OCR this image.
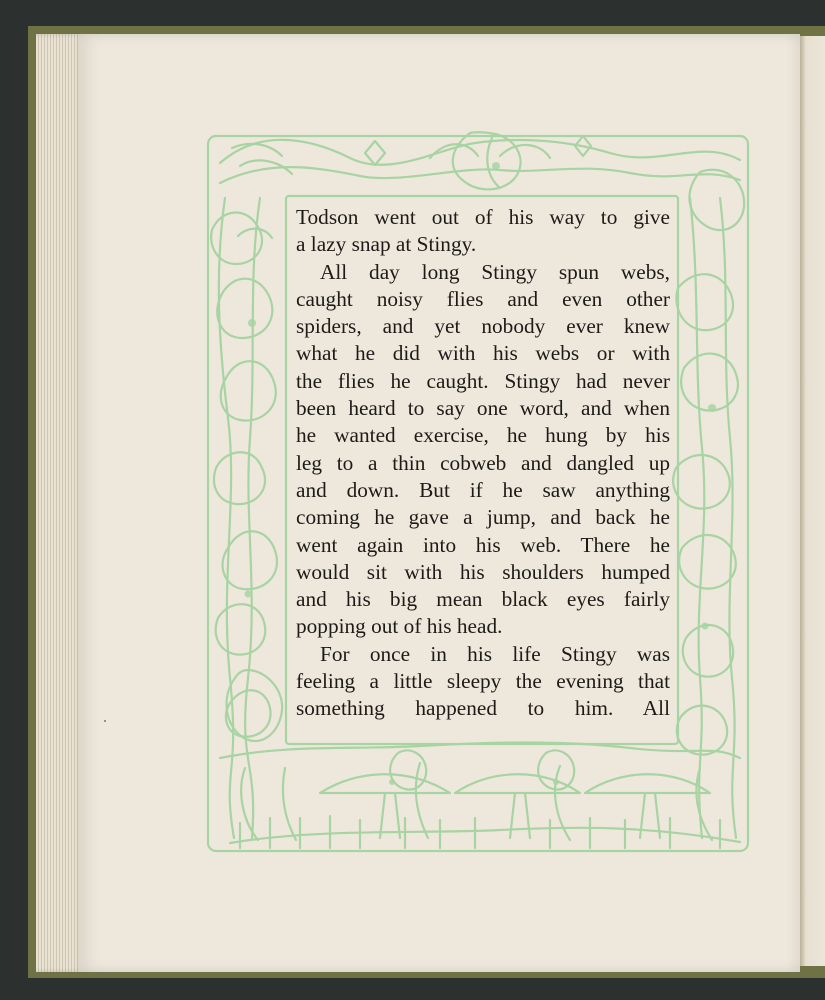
Todson went out of his way to give
a lazy snap at Stingy.
All day long Stingy spun webs,
caught noisy flies and even other
spiders, and yet nobody ever knew
what he did with his webs or with
the flies he caught. Stingy had never
been heard to say one word, and when
he wanted exercise, he hung by his
leg to a thin cobweb and dangled up
and down. But if he saw anything
coming he gave a jump, and back he
went again into his web. There he
would sit with his shoulders humped
and his big mean black eyes fairly
popping out of his head.
For once in his life Stingy was
feeling a little sleepy the evening that
something happened to him. All
